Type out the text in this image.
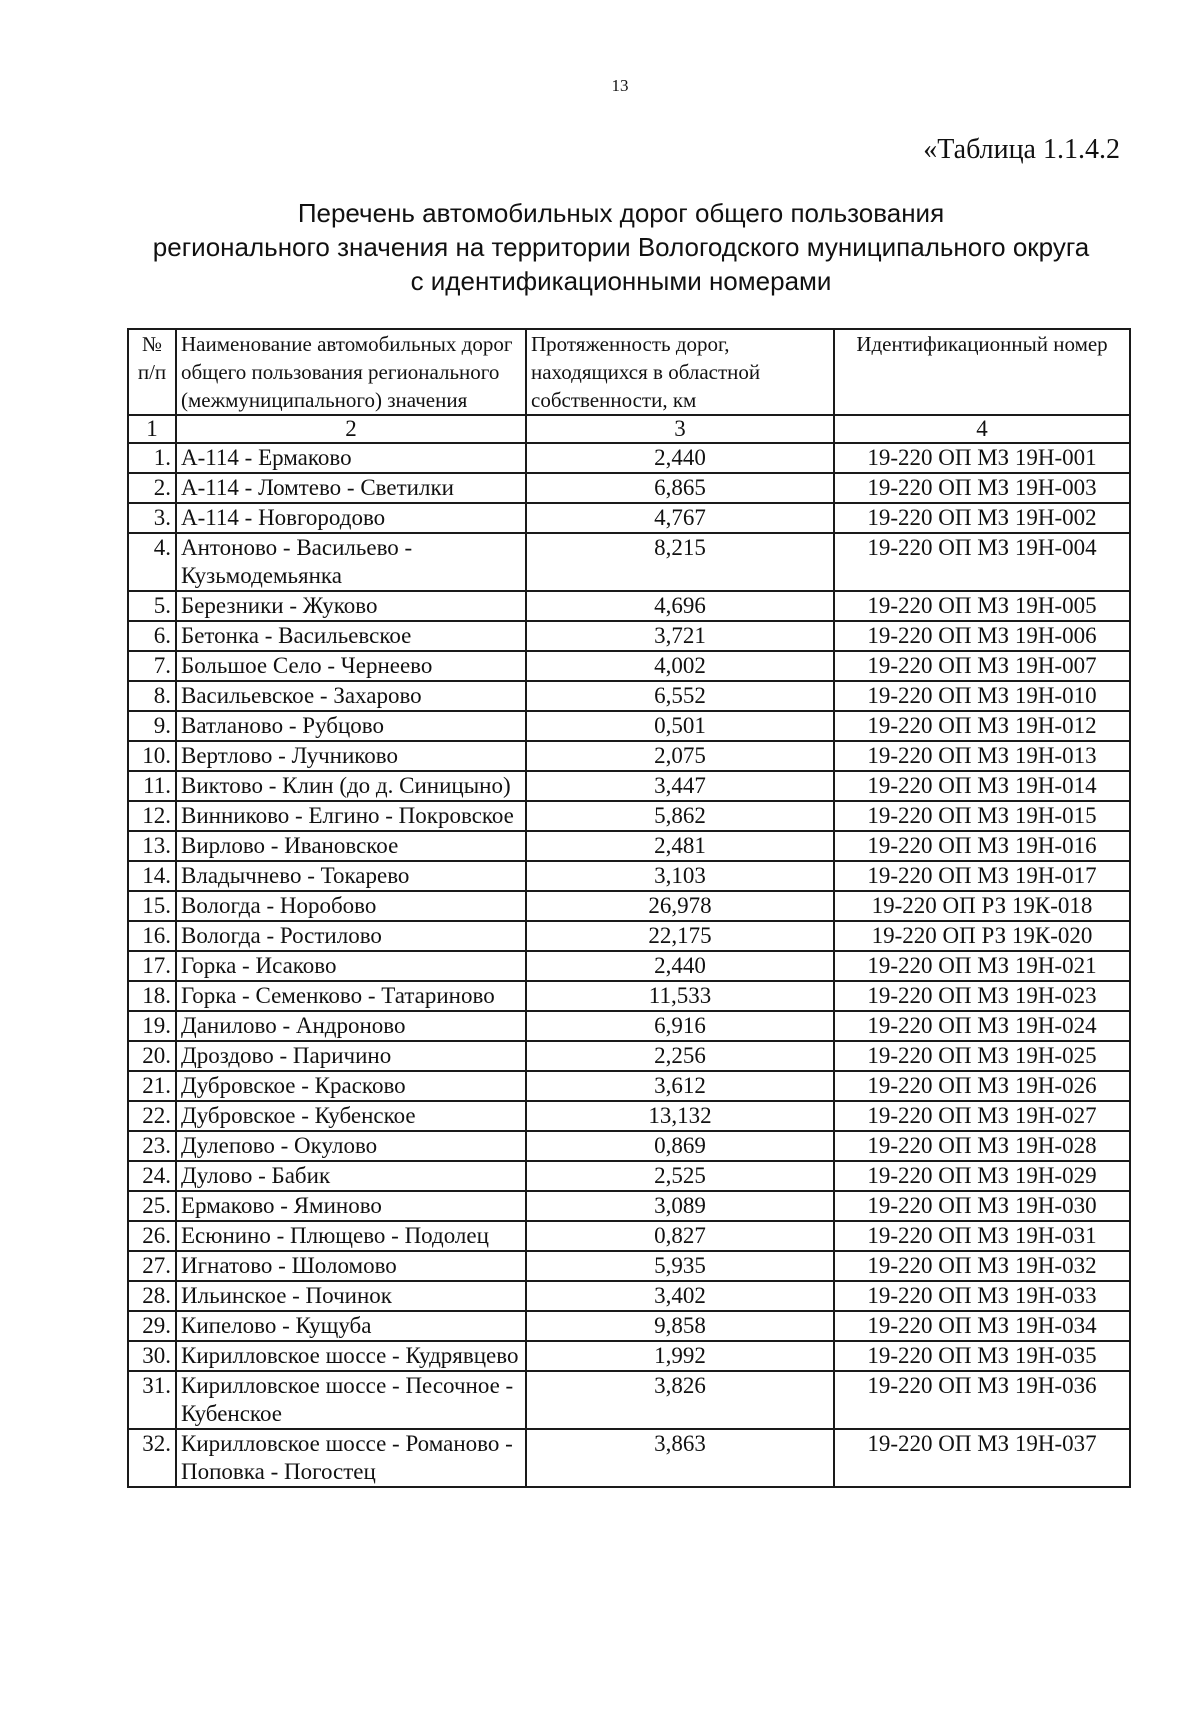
13
«Таблица 1.1.4.2
Перечень автомобильных дорог общего пользования
регионального значения на территории Вологодского муниципального округа
с идентификационными номерами
№ п/п	Наименование автомобильных дорог общего пользования регионального (межмуниципального) значения	Протяженность дорог, находящихся в областной собственности, км	Идентификационный номер
1	2	3	4
1.	А-114 - Ермаково	2,440	19-220 ОП МЗ 19Н-001
2.	А-114 - Ломтево - Светилки	6,865	19-220 ОП МЗ 19Н-003
3.	А-114 - Новгородово	4,767	19-220 ОП МЗ 19Н-002
4.	Антоново - Васильево - Кузьмодемьянка	8,215	19-220 ОП МЗ 19Н-004
5.	Березники - Жуково	4,696	19-220 ОП МЗ 19Н-005
6.	Бетонка - Васильевское	3,721	19-220 ОП МЗ 19Н-006
7.	Большое Село - Чернеево	4,002	19-220 ОП МЗ 19Н-007
8.	Васильевское - Захарово	6,552	19-220 ОП МЗ 19Н-010
9.	Ватланово - Рубцово	0,501	19-220 ОП МЗ 19Н-012
10.	Вертлово - Лучниково	2,075	19-220 ОП МЗ 19Н-013
11.	Виктово - Клин (до д. Синицыно)	3,447	19-220 ОП МЗ 19Н-014
12.	Винниково - Елгино - Покровское	5,862	19-220 ОП МЗ 19Н-015
13.	Вирлово - Ивановское	2,481	19-220 ОП МЗ 19Н-016
14.	Владычнево - Токарево	3,103	19-220 ОП МЗ 19Н-017
15.	Вологда - Норобово	26,978	19-220 ОП РЗ 19К-018
16.	Вологда - Ростилово	22,175	19-220 ОП РЗ 19К-020
17.	Горка - Исаково	2,440	19-220 ОП МЗ 19Н-021
18.	Горка - Семенково - Татариново	11,533	19-220 ОП МЗ 19Н-023
19.	Данилово - Андроново	6,916	19-220 ОП МЗ 19Н-024
20.	Дроздово - Паричино	2,256	19-220 ОП МЗ 19Н-025
21.	Дубровское - Красково	3,612	19-220 ОП МЗ 19Н-026
22.	Дубровское - Кубенское	13,132	19-220 ОП МЗ 19Н-027
23.	Дулепово - Окулово	0,869	19-220 ОП МЗ 19Н-028
24.	Дулово - Бабик	2,525	19-220 ОП МЗ 19Н-029
25.	Ермаково - Яминово	3,089	19-220 ОП МЗ 19Н-030
26.	Есюнино - Плющево - Подолец	0,827	19-220 ОП МЗ 19Н-031
27.	Игнатово - Шоломово	5,935	19-220 ОП МЗ 19Н-032
28.	Ильинское - Починок	3,402	19-220 ОП МЗ 19Н-033
29.	Кипелово - Кущуба	9,858	19-220 ОП МЗ 19Н-034
30.	Кирилловское шоссе - Кудрявцево	1,992	19-220 ОП МЗ 19Н-035
31.	Кирилловское шоссе - Песочное - Кубенское	3,826	19-220 ОП МЗ 19Н-036
32.	Кирилловское шоссе - Романово - Поповка - Погостец	3,863	19-220 ОП МЗ 19Н-037
